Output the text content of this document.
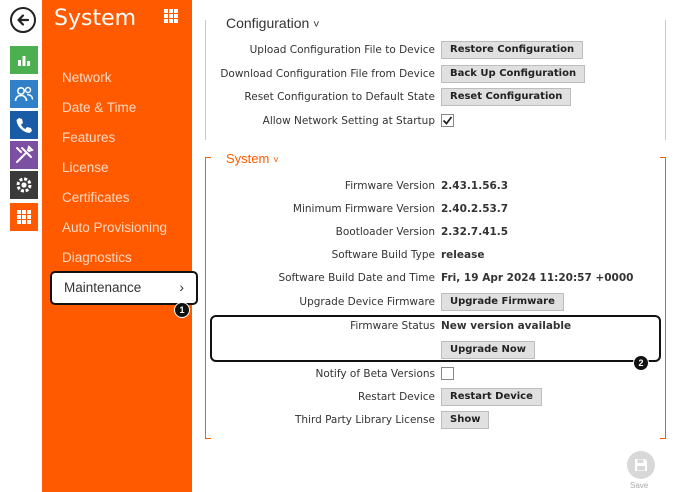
System
Network
Date & Time
Features
License
Certificates
Auto Provisioning
Diagnostics
Maintenance	›
1
Configuration ˅
Upload Configuration File to Device	Restore Configuration
Download Configuration File from Device	Back Up Configuration
Reset Configuration to Default State	Reset Configuration
Allow Network Setting at Startup
System ˅
Firmware Version 2.43.1.56.3
Minimum Firmware Version 2.40.2.53.7
Bootloader Version 2.32.7.41.5
Software Build Type release
Software Build Date and Time Fri, 19 Apr 2024 11:20:57 +0000
Upgrade Device Firmware	Upgrade Firmware
Firmware Status New version available
Upgrade Now
2
Notify of Beta Versions
Restart Device	Restart Device
Third Party Library License	Show
Save
